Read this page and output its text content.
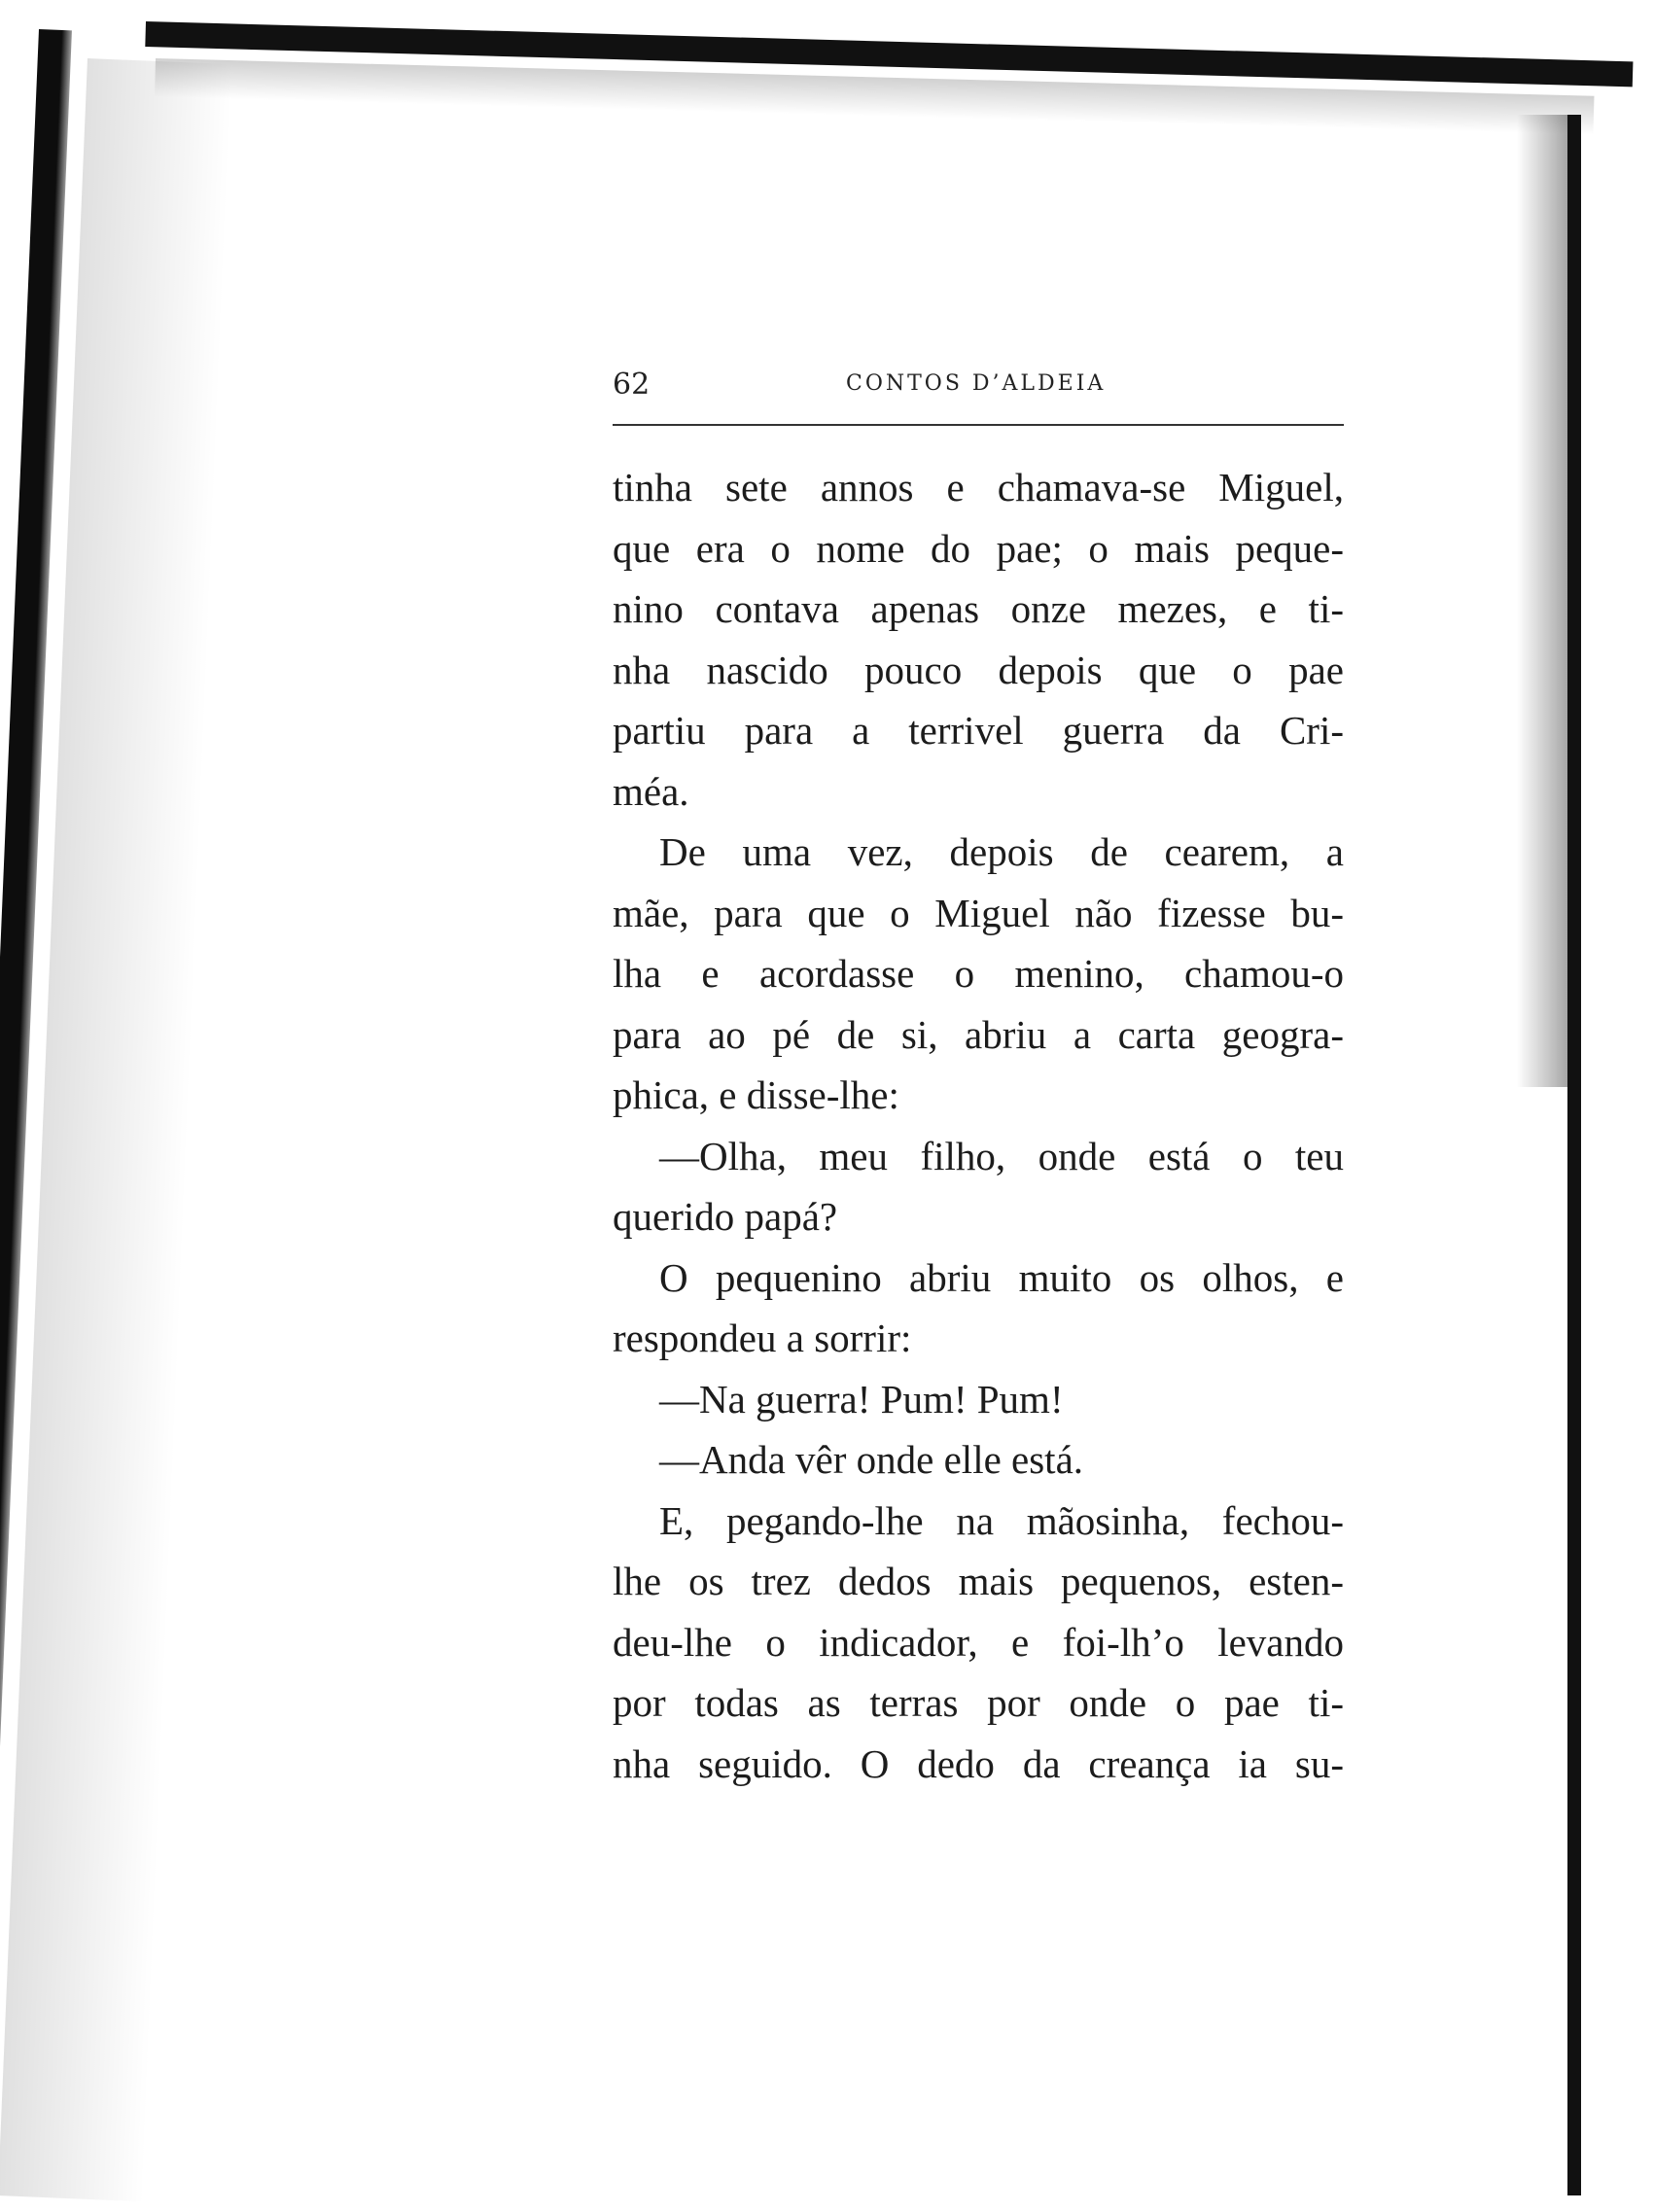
62	CONTOS D’ALDEIA
tinha sete annos e chamava-se Miguel,
que era o nome do pae; o mais peque-
nino contava apenas onze mezes, e ti-
nha nascido pouco depois que o pae
partiu para a terrivel guerra da Cri-
méa.
De uma vez, depois de cearem, a
mãe, para que o Miguel não fizesse bu-
lha e acordasse o menino, chamou-o
para ao pé de si, abriu a carta geogra-
phica, e disse-lhe:
—Olha, meu filho, onde está o teu
querido papá?
O pequenino abriu muito os olhos, e
respondeu a sorrir:
—Na guerra! Pum! Pum!
—Anda vêr onde elle está.
E, pegando-lhe na mãosinha, fechou-
lhe os trez dedos mais pequenos, esten-
deu-lhe o indicador, e foi-lh’o levando
por todas as terras por onde o pae ti-
nha seguido. O dedo da creança ia su-
